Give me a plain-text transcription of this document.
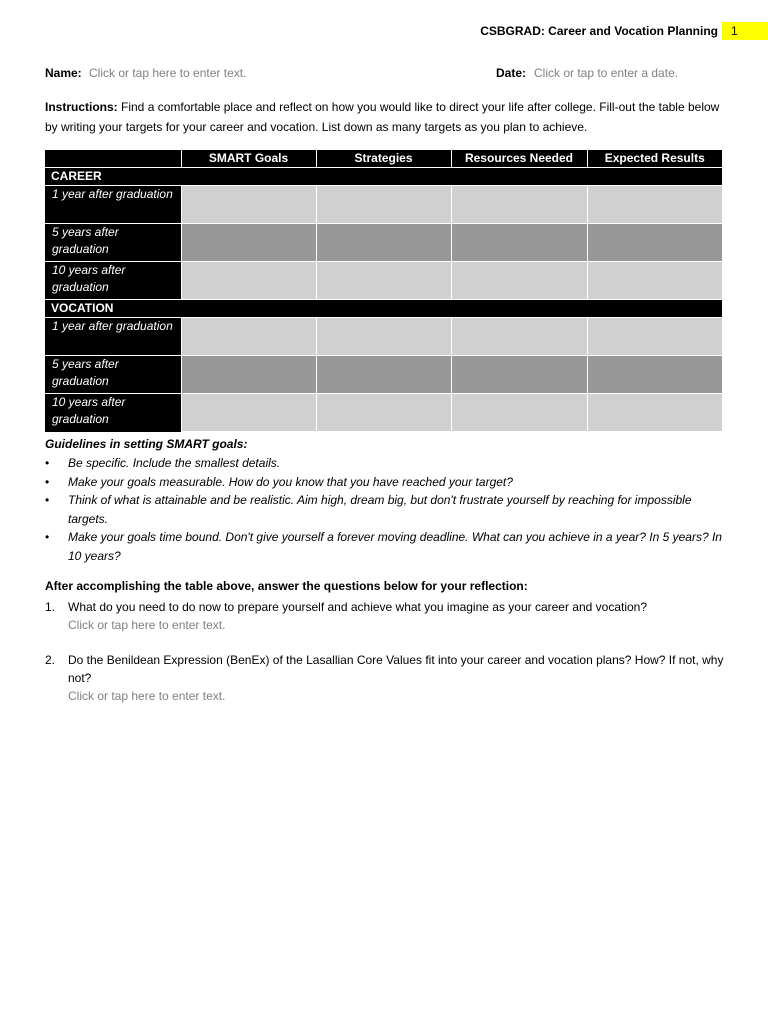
CSBGRAD: Career and Vocation Planning	1
Name: Click or tap here to enter text.	Date: Click or tap to enter a date.
Instructions: Find a comfortable place and reflect on how you would like to direct your life after college. Fill-out the table below by writing your targets for your career and vocation. List down as many targets as you plan to achieve.
	SMART Goals	Strategies	Resources Needed	Expected Results
CAREER				
1 year after graduation				
5 years after graduation				
10 years after graduation				
VOCATION				
1 year after graduation				
5 years after graduation				
10 years after graduation				
Guidelines in setting SMART goals:
• Be specific. Include the smallest details.
• Make your goals measurable. How do you know that you have reached your target?
• Think of what is attainable and be realistic. Aim high, dream big, but don't frustrate yourself by reaching for impossible targets.
• Make your goals time bound. Don't give yourself a forever moving deadline. What can you achieve in a year? In 5 years? In 10 years?
After accomplishing the table above, answer the questions below for your reflection:
1.	What do you need to do now to prepare yourself and achieve what you imagine as your career and vocation?
Click or tap here to enter text.
2.	Do the Benildean Expression (BenEx) of the Lasallian Core Values fit into your career and vocation plans? How? If not, why not?
Click or tap here to enter text.
